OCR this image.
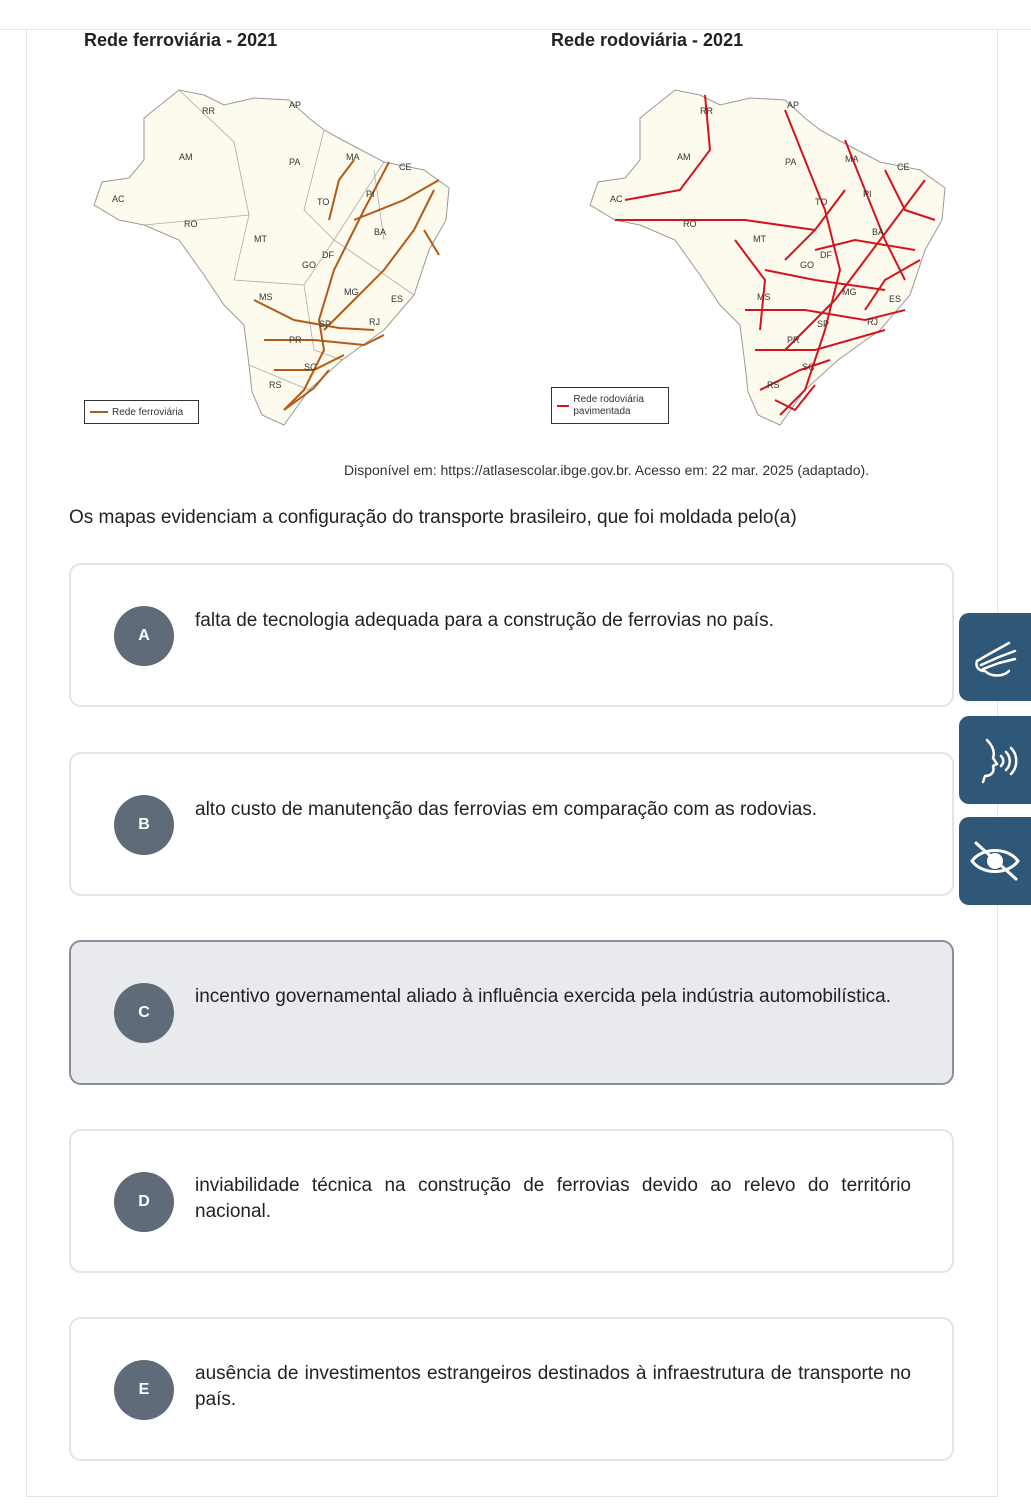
Rede ferroviária - 2021
RR
AP
AM	PA	MA
CE
AC
RO
PI
TO
BA
MT
DF
GO
MS	MG
ES
RJ
SP
PR
SC
RS
Rede ferroviária
Rede rodoviária - 2021
RR
AP
AM	PA	MA
CE
AC
RO
PI
TO
BA
MT
DF
GO
MS	MG
ES
RJ
SP
PR
SC
RS
Rede rodoviária pavimentada
Disponível em: https://atlasescolar.ibge.gov.br. Acesso em: 22 mar. 2025 (adaptado).
Os mapas evidenciam a configuração do transporte brasileiro, que foi moldada pelo(a)
A
falta de tecnologia adequada para a construção de ferrovias no país.
B
alto custo de manutenção das ferrovias em comparação com as rodovias.
C
incentivo governamental aliado à influência exercida pela indústria automobilística.
D
inviabilidade técnica na construção de ferrovias devido ao relevo do território nacional.
E
ausência de investimentos estrangeiros destinados à infraestrutura de transporte no país.
